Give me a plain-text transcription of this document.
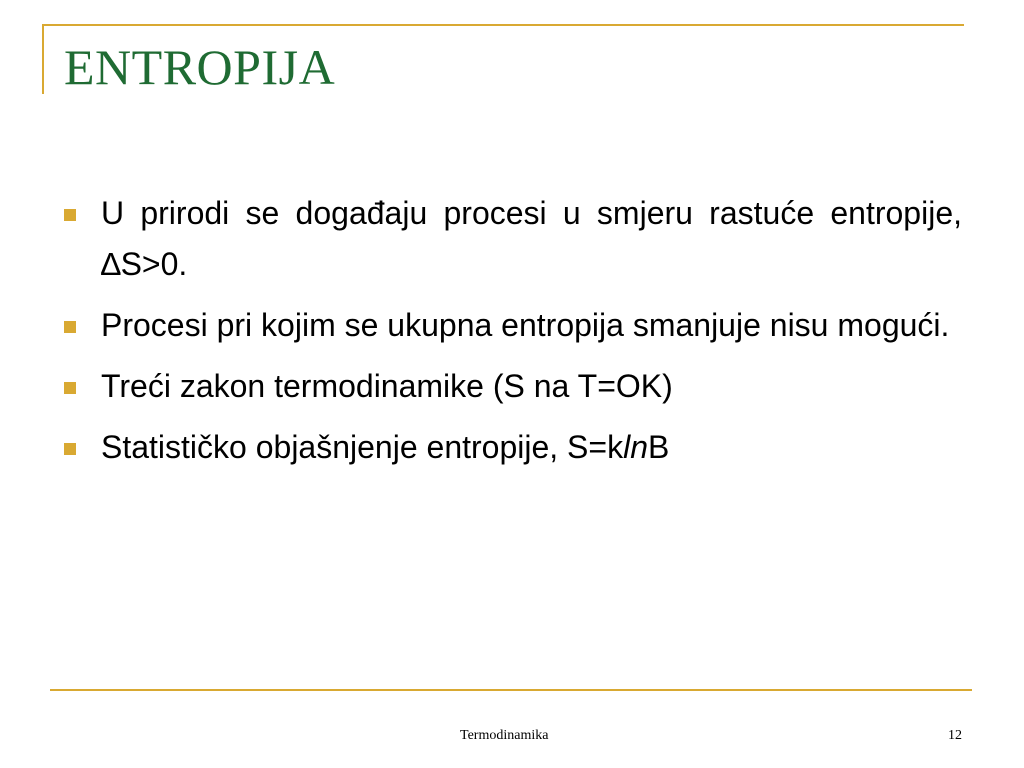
ENTROPIJA
U prirodi se događaju procesi u smjeru rastuće entropije, ∆S>0.
Procesi pri kojim se ukupna entropija smanjuje nisu mogući.
Treći zakon termodinamike (S na T=OK)
Statističko objašnjenje entropije, S=klnB
Termodinamika	12
